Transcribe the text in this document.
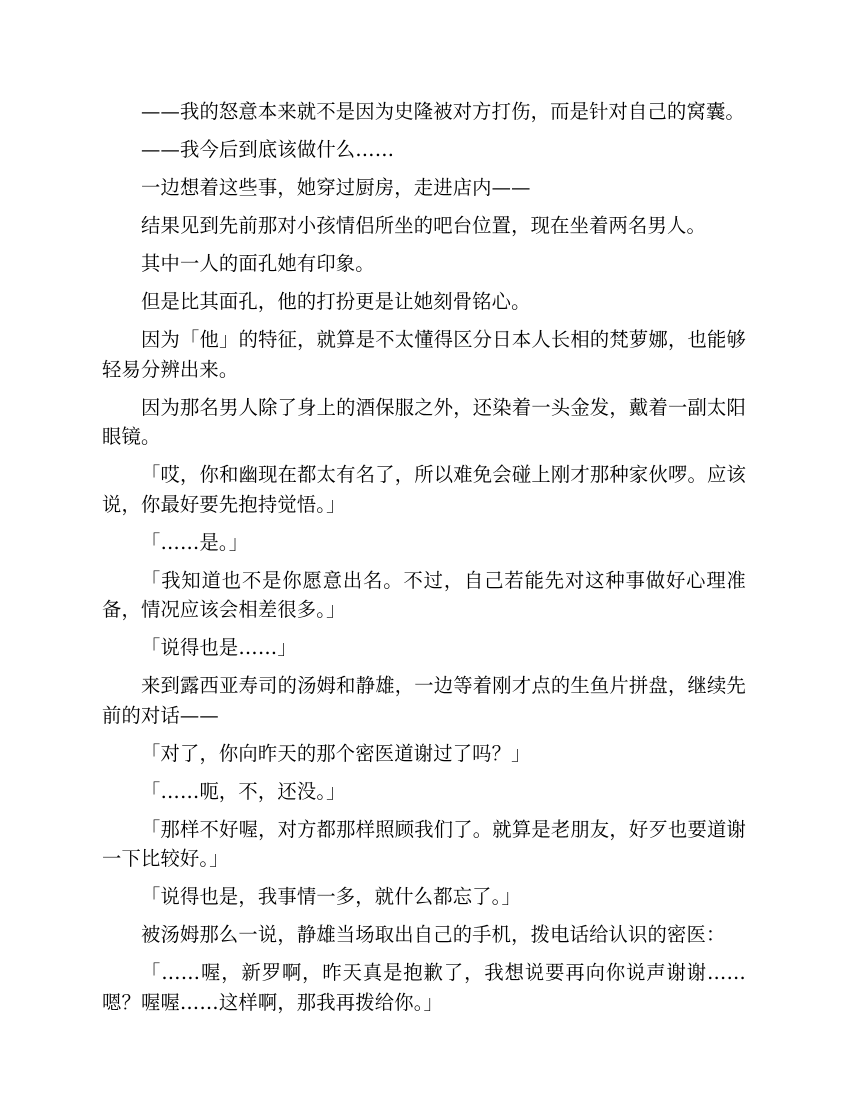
——我的怒意本来就不是因为史隆被对方打伤，而是针对自己的窝囊。

——我今后到底该做什么……

一边想着这些事，她穿过厨房，走进店内——

结果见到先前那对小孩情侣所坐的吧台位置，现在坐着两名男人。

其中一人的面孔她有印象。

但是比其面孔，他的打扮更是让她刻骨铭心。

因为「他」的特征，就算是不太懂得区分日本人长相的梵萝娜，也能够轻易分辨出来。

因为那名男人除了身上的酒保服之外，还染着一头金发，戴着一副太阳眼镜。

「哎，你和幽现在都太有名了，所以难免会碰上刚才那种家伙啰。应该说，你最好要先抱持觉悟。」

「……是。」

「我知道也不是你愿意出名。不过，自己若能先对这种事做好心理准备，情况应该会相差很多。」

「说得也是……」

来到露西亚寿司的汤姆和静雄，一边等着刚才点的生鱼片拼盘，继续先前的对话——

「对了，你向昨天的那个密医道谢过了吗？」

「……呃，不，还没。」

「那样不好喔，对方都那样照顾我们了。就算是老朋友，好歹也要道谢一下比较好。」

「说得也是，我事情一多，就什么都忘了。」

被汤姆那么一说，静雄当场取出自己的手机，拨电话给认识的密医：

「……喔，新罗啊，昨天真是抱歉了，我想说要再向你说声谢谢……嗯？喔喔……这样啊，那我再拨给你。」
